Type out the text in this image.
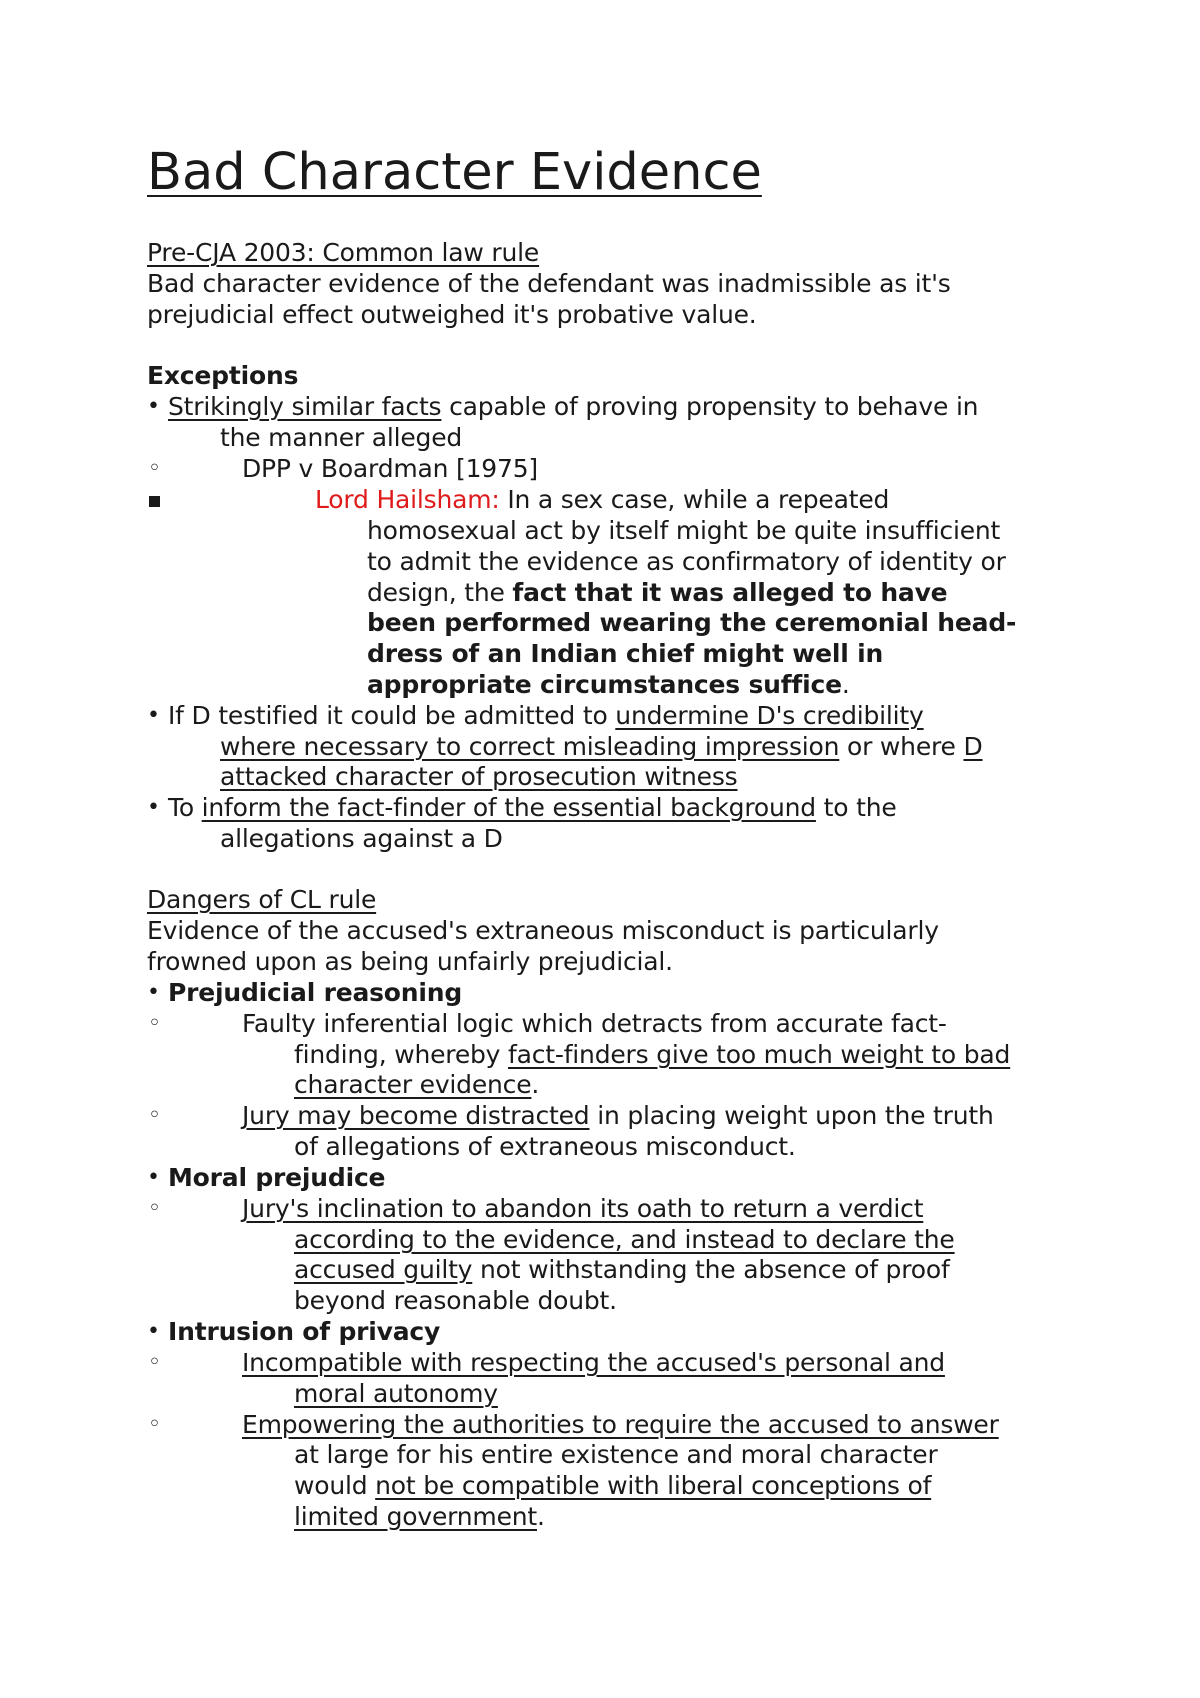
Bad Character Evidence
Pre-CJA 2003: Common law rule
Bad character evidence of the defendant was inadmissible as it's
prejudicial effect outweighed it's probative value.
Exceptions
• Strikingly similar facts capable of proving propensity to behave in
the manner alleged
◦	DPP v Boardman [1975]
Lord Hailsham: In a sex case, while a repeated
homosexual act by itself might be quite insufficient
to admit the evidence as confirmatory of identity or
design, the fact that it was alleged to have
been performed wearing the ceremonial head-
dress of an Indian chief might well in
appropriate circumstances suffice.
• If D testified it could be admitted to undermine D's credibility
where necessary to correct misleading impression or where D
attacked character of prosecution witness
• To inform the fact-finder of the essential background to the
allegations against a D
Dangers of CL rule
Evidence of the accused's extraneous misconduct is particularly
frowned upon as being unfairly prejudicial.
• Prejudicial reasoning
◦	Faulty inferential logic which detracts from accurate fact-
finding, whereby fact-finders give too much weight to bad
character evidence.
◦	Jury may become distracted in placing weight upon the truth
of allegations of extraneous misconduct.
• Moral prejudice
◦	Jury's inclination to abandon its oath to return a verdict
according to the evidence, and instead to declare the
accused guilty not withstanding the absence of proof
beyond reasonable doubt.
• Intrusion of privacy
◦	Incompatible with respecting the accused's personal and
moral autonomy
◦	Empowering the authorities to require the accused to answer
at large for his entire existence and moral character
would not be compatible with liberal conceptions of
limited government.
